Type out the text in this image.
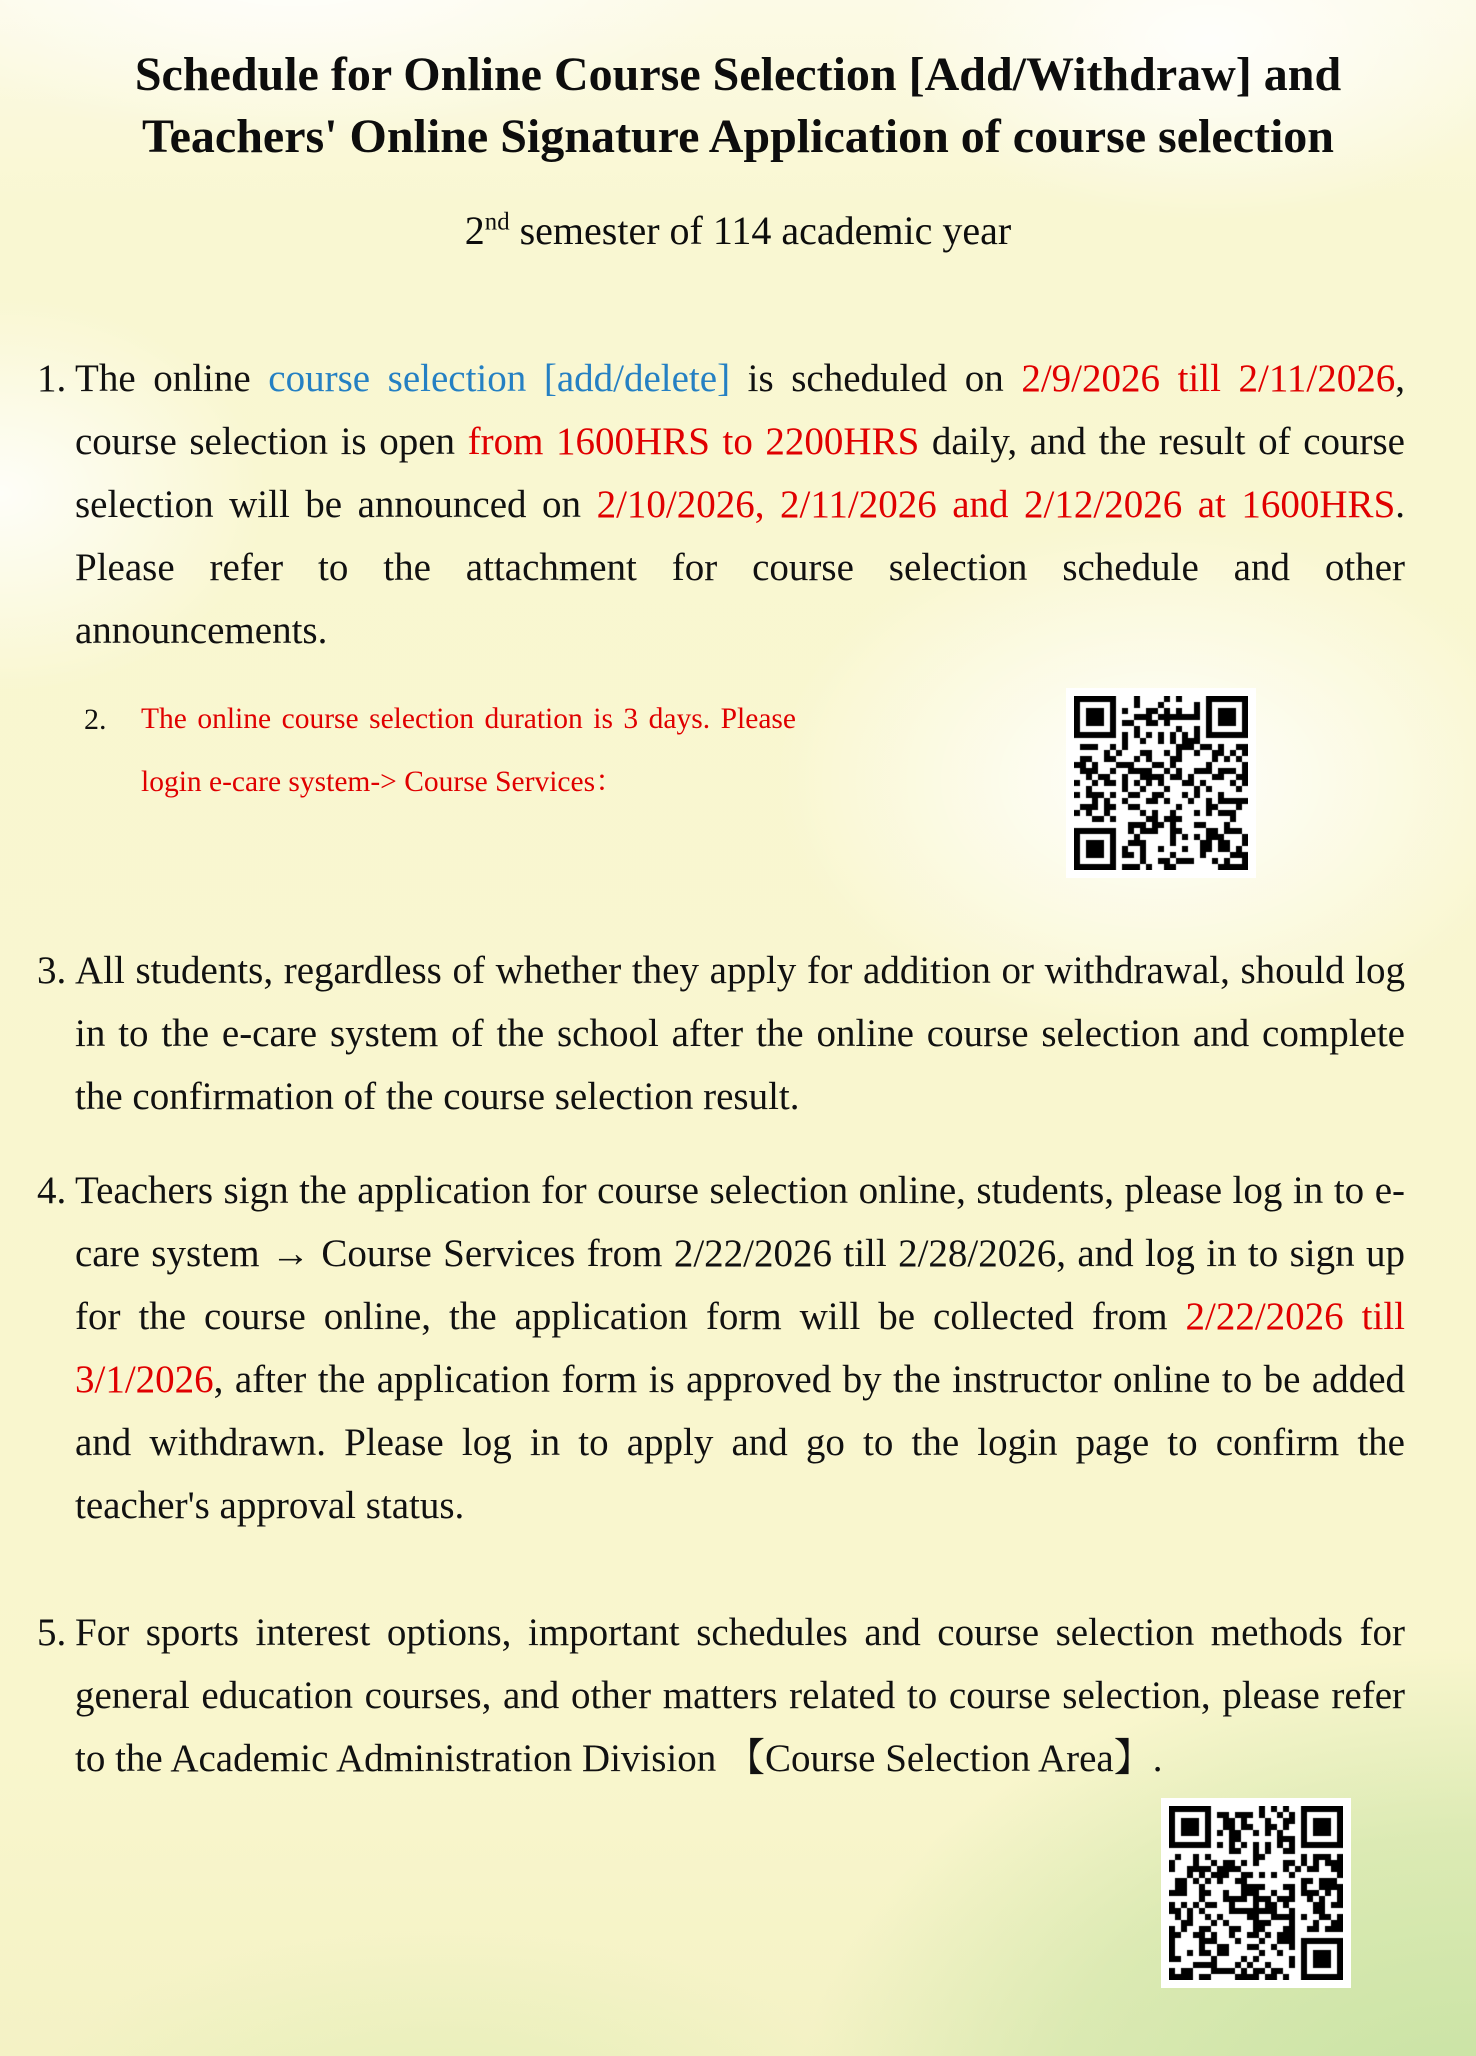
Schedule for Online Course Selection [Add/Withdraw] and
Teachers' Online Signature Application of course selection
2nd semester of 114 academic year
1. The online course selection [add/delete] is scheduled on 2/9/2026 till 2/11/2026, course selection is open from 1600HRS to 2200HRS daily, and the result of course selection will be announced on 2/10/2026, 2/11/2026 and 2/12/2026 at 1600HRS. Please refer to the attachment for course selection schedule and other announcements.
2.	The online course selection duration is 3 days. Please login e-care system-> Course Services：
3. All students, regardless of whether they apply for addition or withdrawal, should log in to the e-care system of the school after the online course selection and complete the confirmation of the course selection result.
4. Teachers sign the application for course selection online, students, please log in to e-care system → Course Services from 2/22/2026 till 2/28/2026, and log in to sign up for the course online, the application form will be collected from 2/22/2026 till 3/1/2026, after the application form is approved by the instructor online to be added and withdrawn. Please log in to apply and go to the login page to confirm the teacher's approval status.
5. For sports interest options, important schedules and course selection methods for general education courses, and other matters related to course selection, please refer to the Academic Administration Division 【Course Selection Area】.
